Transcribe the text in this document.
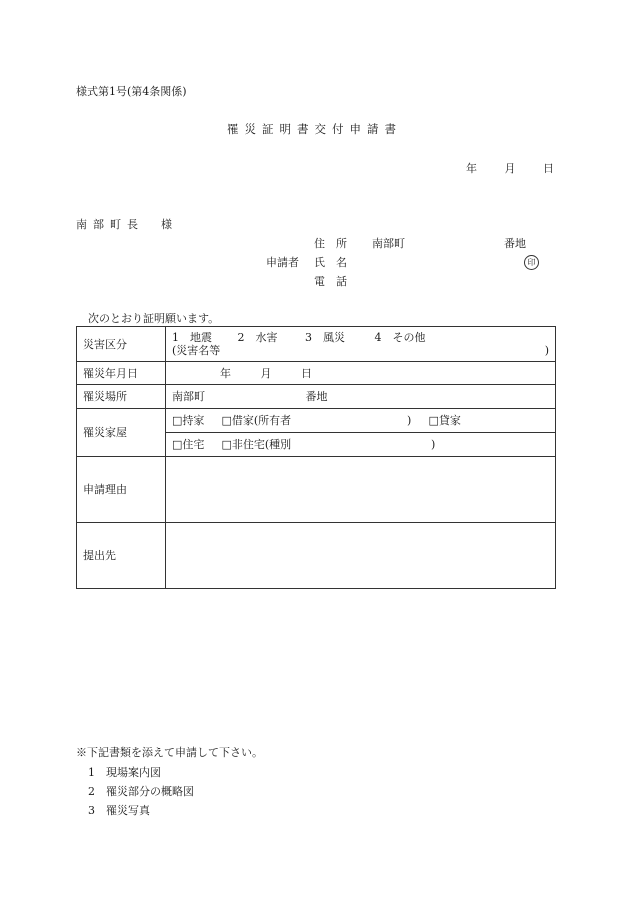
様式第1号(第4条関係)
罹災証明書交付申請書
年	月	日
南部町長　様
住　所 南部町	番地
申請者 氏　名	印
電　話
次のとおり証明願います。
災害区分	1　地震 2　水害 3　風災 4　その他
(災害名等 )

罹災年月日	年 月 日
罹災場所	南部町 番地
罹災家屋	□持家 □借家(所有者 ) □貸家
	□住宅 □非住宅(種別 )
申請理由	
提出先	
※下記書類を添えて申請して下さい。
1　現場案内図
2　罹災部分の概略図
3　罹災写真
